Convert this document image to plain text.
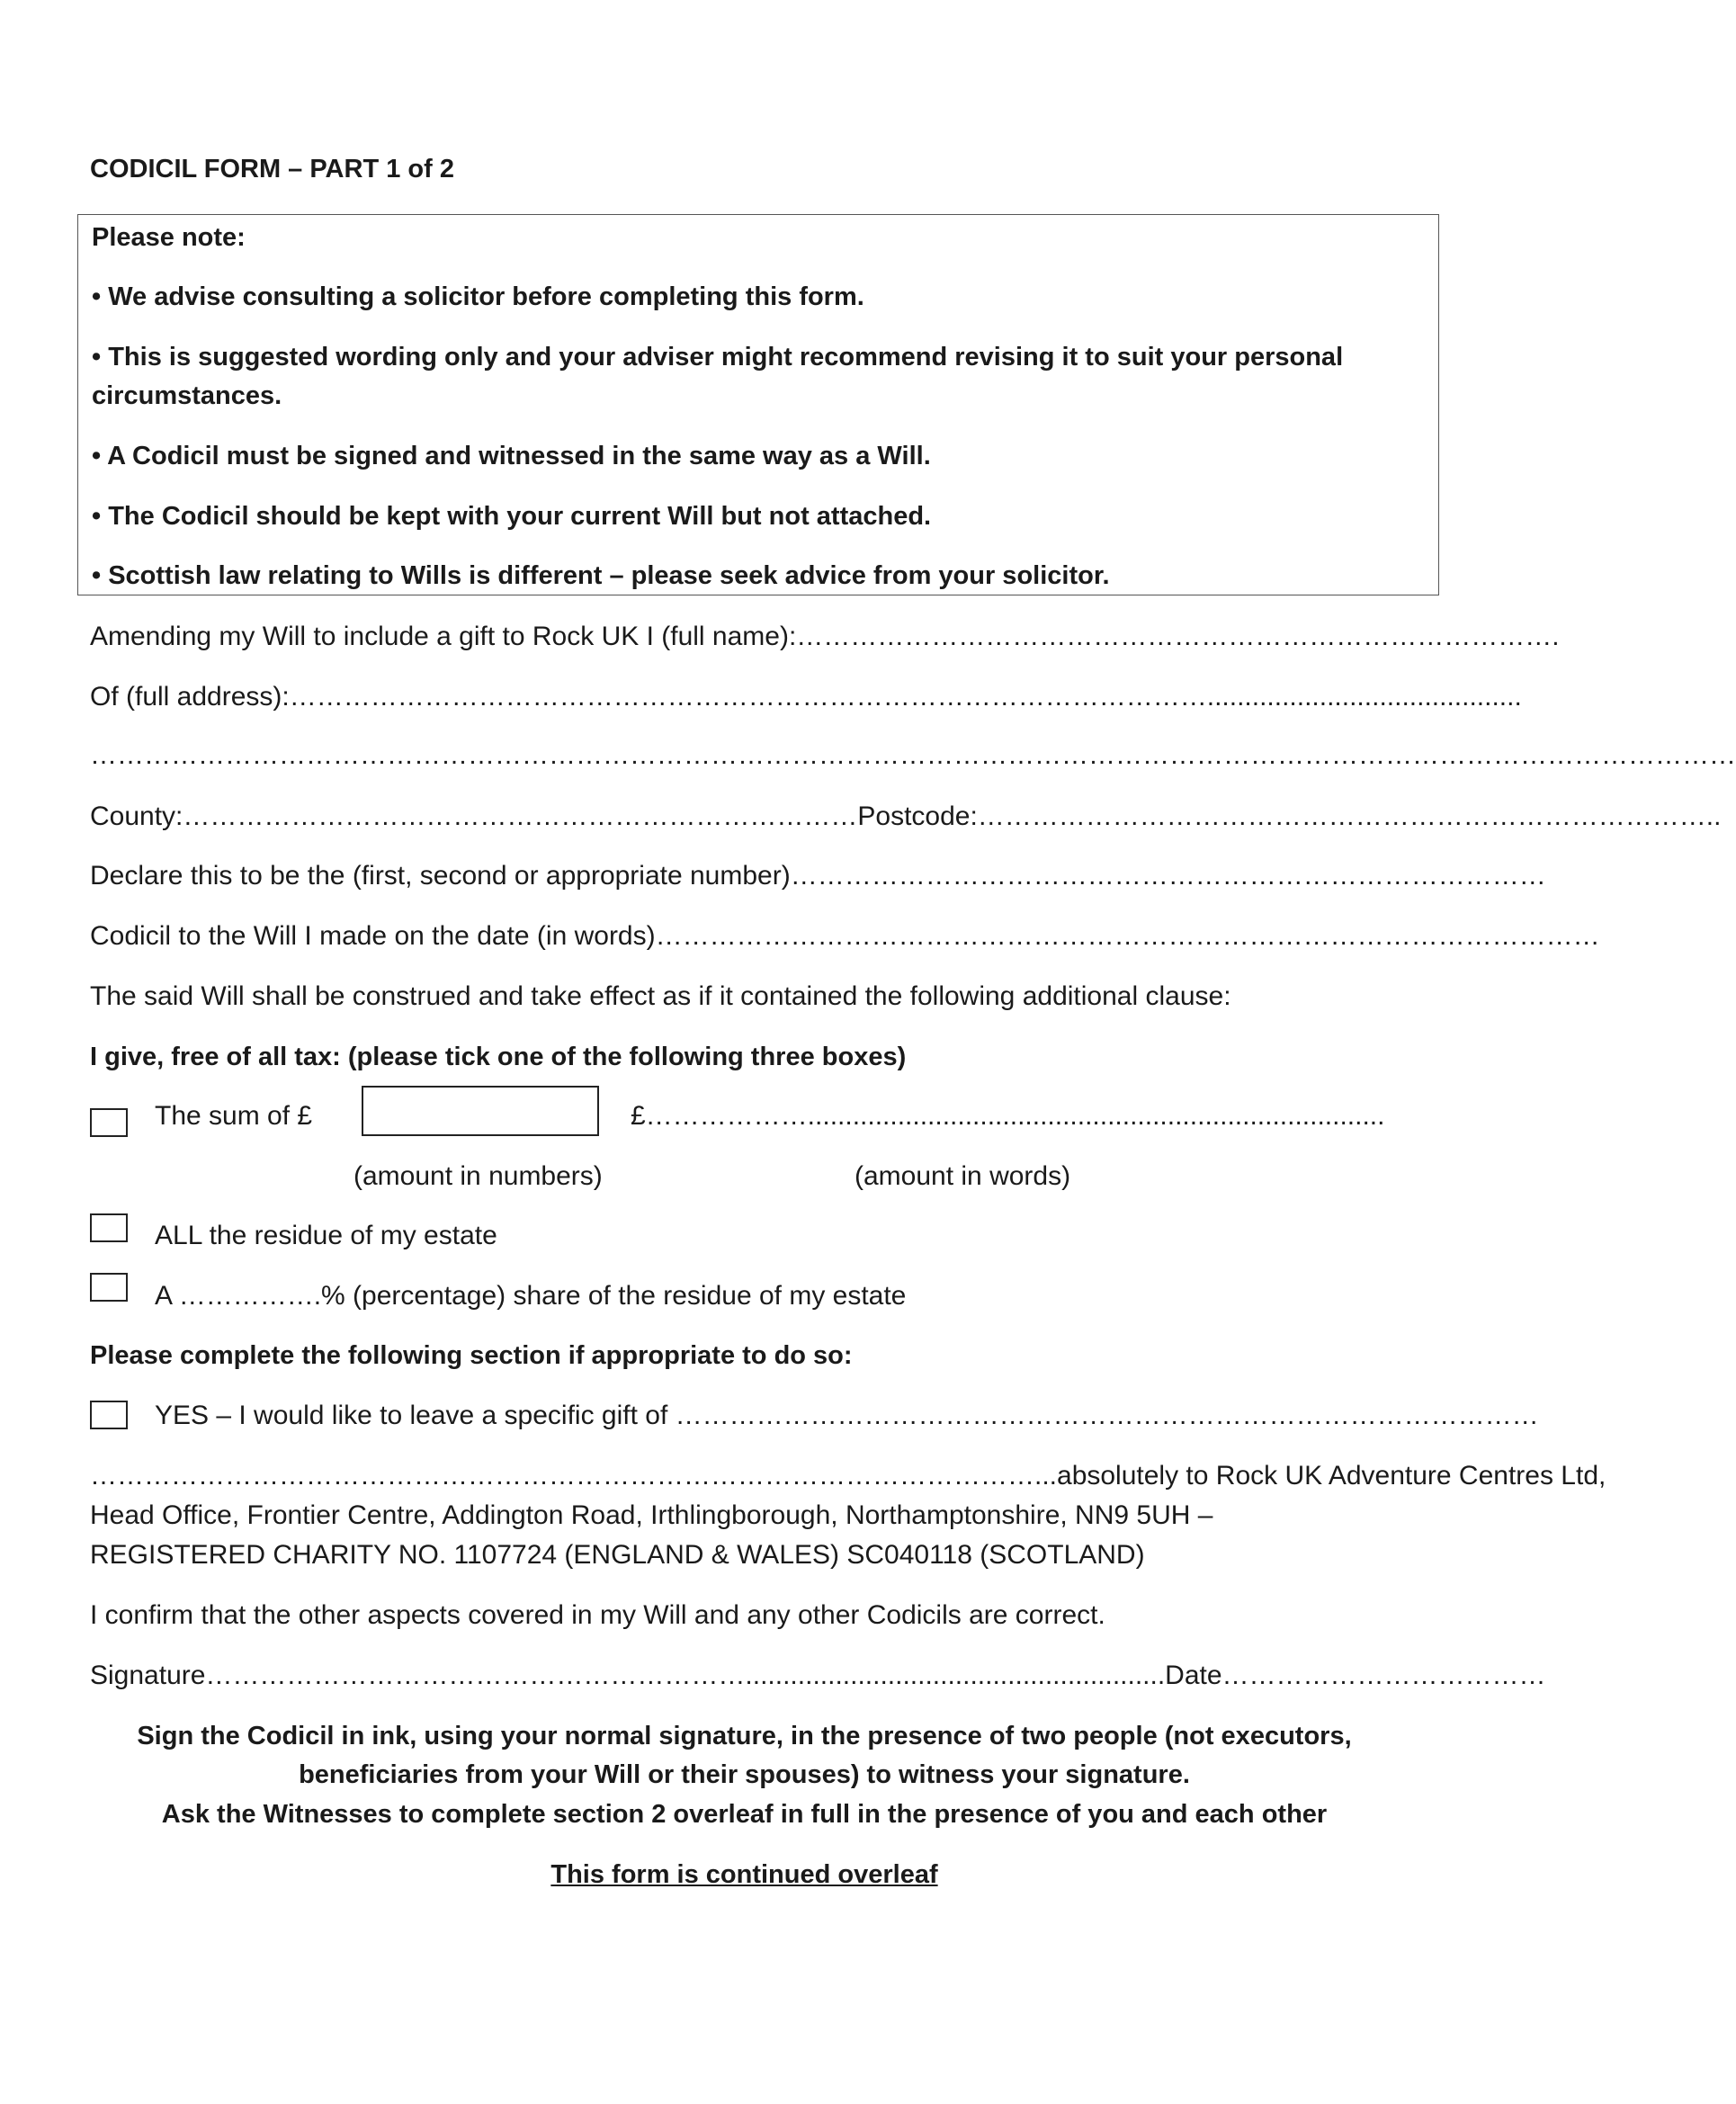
CODICIL FORM – PART 1 of 2
Please note:
• We advise consulting a solicitor before completing this form.
• This is suggested wording only and your adviser might recommend revising it to suit your personal
circumstances.
• A Codicil must be signed and witnessed in the same way as a Will.
• The Codicil should be kept with your current Will but not attached.
• Scottish law relating to Wills is different – please seek advice from your solicitor.
Amending my Will to include a gift to Rock UK I (full name):………………………………………………………………………….
Of (full address):…………………………………………………………………………………………..........................................
…………………………………………………………………………………………………………………………………………………………………
County:…………………………………………………………………Postcode:………………………………………………………………………..
Declare this to be the (first, second or appropriate number)…………………………………………………………………………
Codicil to the Will I made on the date (in words)……………………………………………………………………………………………
The said Will shall be construed and take effect as if it contained the following additional clause:
I give, free of all tax: (please tick one of the following three boxes)
The sum of £	£……………….............................................................................
(amount in numbers)	(amount in words)
ALL the residue of my estate
A …………….% (percentage) share of the residue of my estate
Please complete the following section if appropriate to do so:
YES – I would like to leave a specific gift of ……………………………………………………………………………………
……………………………………………………………………………………………...absolutely to Rock UK Adventure Centres Ltd,
Head Office, Frontier Centre, Addington Road, Irthlingborough, Northamptonshire, NN9 5UH –
REGISTERED CHARITY NO. 1107724 (ENGLAND & WALES) SC040118 (SCOTLAND)
I confirm that the other aspects covered in my Will and any other Codicils are correct.
Signature……………………………………………………........................................................Date………………………………
Sign the Codicil in ink, using your normal signature, in the presence of two people (not executors,
beneficiaries from your Will or their spouses) to witness your signature.
Ask the Witnesses to complete section 2 overleaf in full in the presence of you and each other
This form is continued overleaf
